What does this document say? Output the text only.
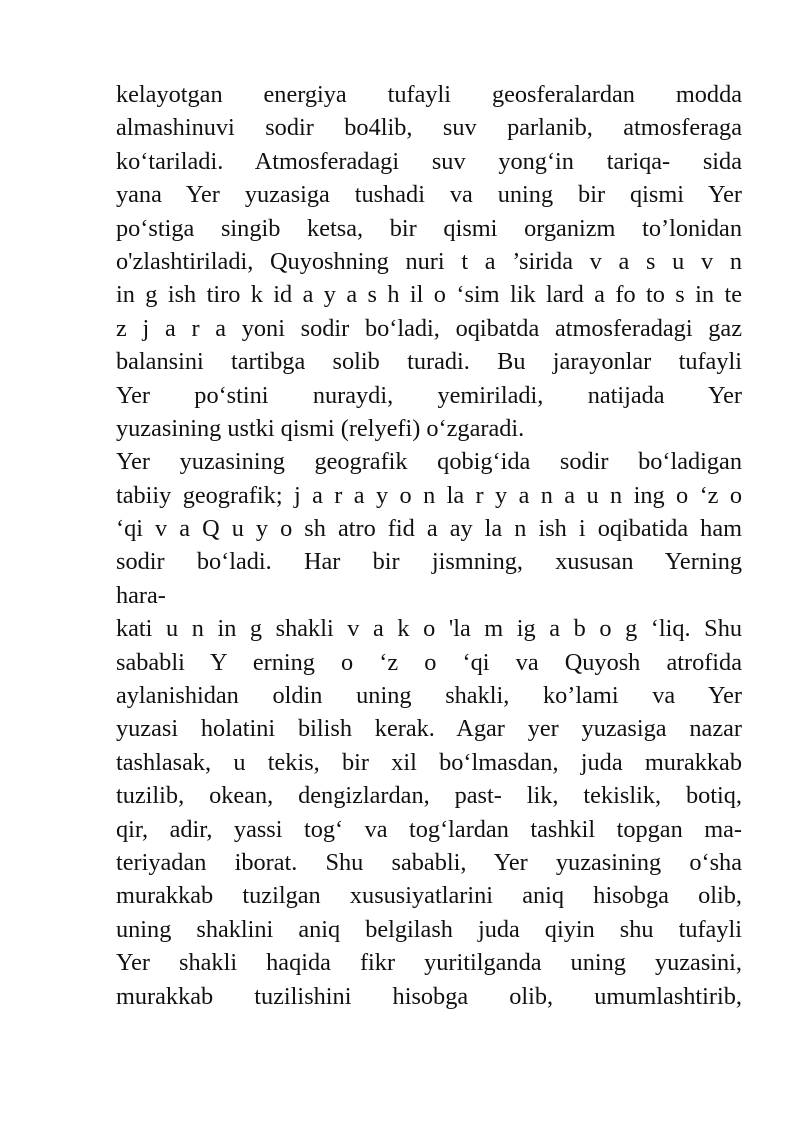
kelayotgan energiya tufayli geosferalardan modda
almashinuvi sodir bo4lib, suv parlanib, atmosferaga
ko‘tariladi. Atmosferadagi suv yong‘in tariqa- sida
yana Yer yuzasiga tushadi va uning bir qismi Yer
po‘stiga singib ketsa, bir qismi organizm to’lonidan
o'zlashtiriladi, Quyoshning nuri t a ’sirida v a s u v n
in g ish tiro k id a y a s h il o ‘sim lik lard a fo to s in te
z j a r a yoni sodir bo‘ladi, oqibatda atmosferadagi gaz
balansini tartibga solib turadi. Bu jarayonlar tufayli
Yer po‘stini nuraydi, yemiriladi, natijada Yer
yuzasining ustki qismi (relyefi) o‘zgaradi.
Yer yuzasining geografik qobig‘ida sodir bo‘ladigan
tabiiy geografik; j a r a y o n la r y a n a u n ing o ‘z o
‘qi v a Q u y o sh atro fid a ay la n ish i oqibatida ham
sodir bo‘ladi. Har bir jismning, xususan Yerning
hara-
kati u n in g shakli v a k o 'la m ig a b o g ‘liq. Shu
sababli Y erning o ‘z o ‘qi va Quyosh atrofida
aylanishidan oldin uning shakli, ko’lami va Yer
yuzasi holatini bilish kerak. Agar yer yuzasiga nazar
tashlasak, u tekis, bir xil bo‘lmasdan, juda murakkab
tuzilib, okean, dengizlardan, past- lik, tekislik, botiq,
qir, adir, yassi tog‘ va tog‘lardan tashkil topgan ma-
teriyadan iborat. Shu sababli, Yer yuzasining o‘sha
murakkab tuzilgan xususiyatlarini aniq hisobga olib,
uning shaklini aniq belgilash juda qiyin shu tufayli
Yer shakli haqida fikr yuritilganda uning yuzasini,
murakkab tuzilishini hisobga olib, umumlashtirib,
